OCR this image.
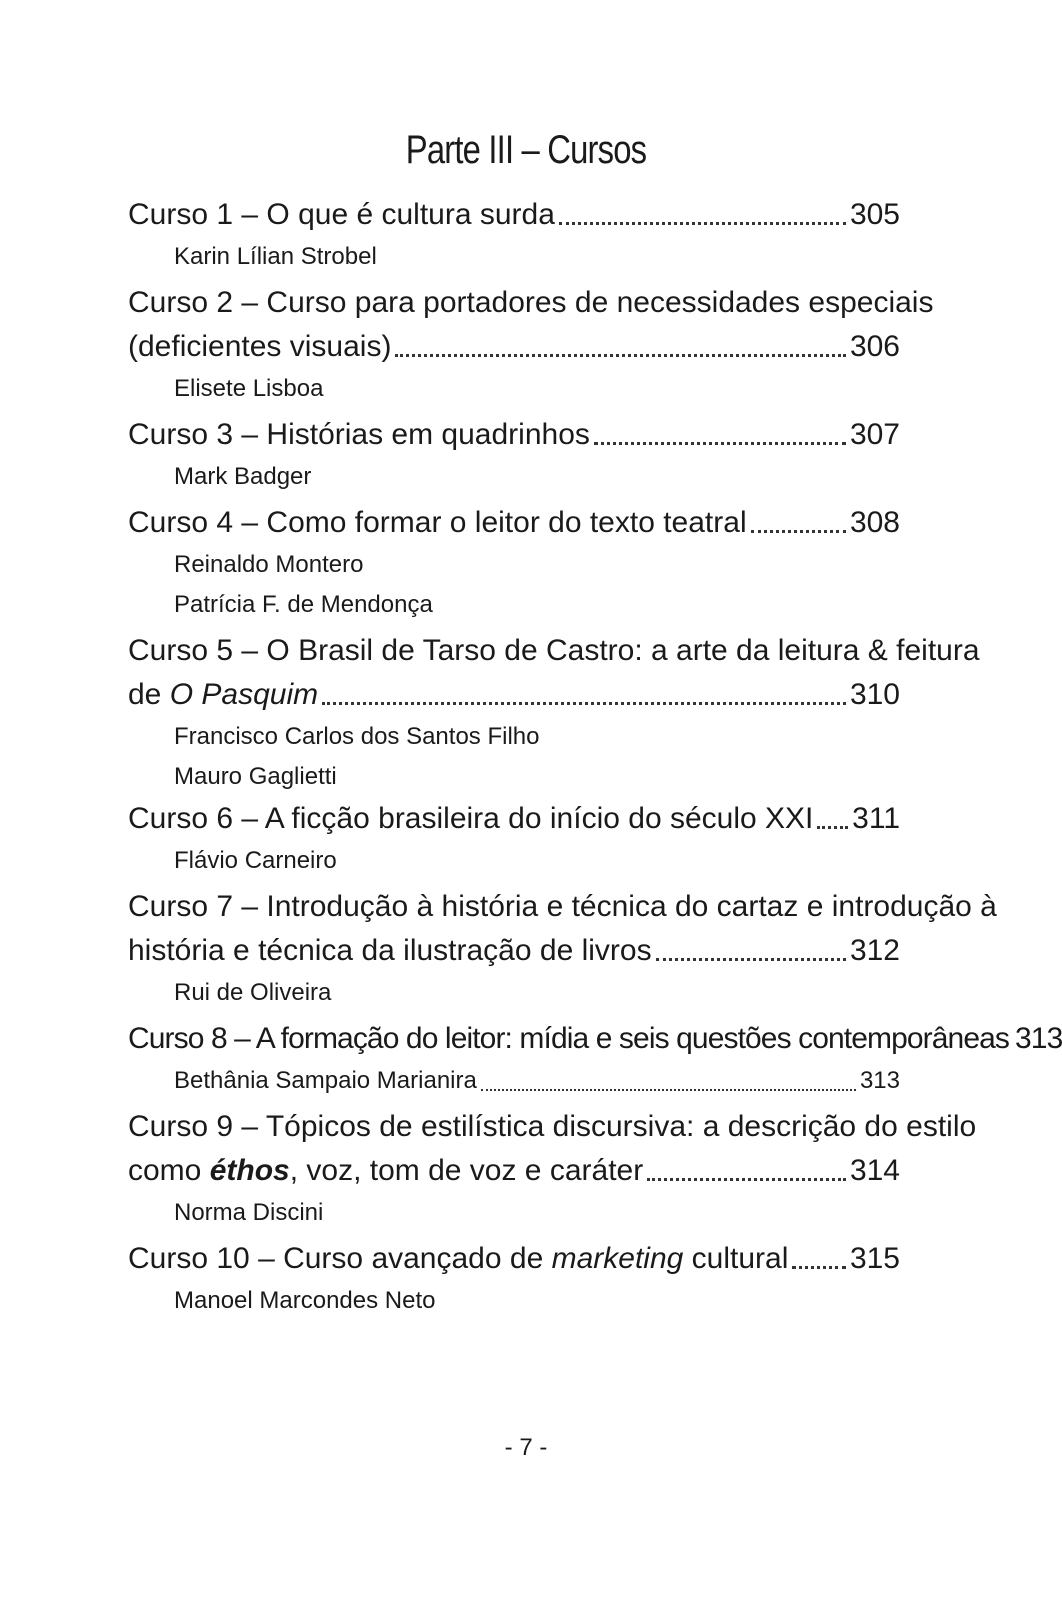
Parte III – Cursos
Curso 1 – O que é cultura surda	305
Karin Lílian Strobel
Curso 2 – Curso para portadores de necessidades especiais
(deficientes visuais)	306
Elisete Lisboa
Curso 3 – Histórias em quadrinhos	307
Mark Badger
Curso 4 – Como formar o leitor do texto teatral	308
Reinaldo Montero
Patrícia F. de Mendonça
Curso 5 – O Brasil de Tarso de Castro: a arte da leitura & feitura
de O Pasquim	310
Francisco Carlos dos Santos Filho
Mauro Gaglietti
Curso 6 – A ficção brasileira do início do século XXI 311
Flávio Carneiro
Curso 7 – Introdução à história e técnica do cartaz e introdução à
história e técnica da ilustração de livros	312
Rui de Oliveira
Curso 8 – A formação do leitor: mídia e seis questões contemporâneas 313
Bethânia Sampaio Marianira	313
Curso 9 – Tópicos de estilística discursiva: a descrição do estilo
como éthos, voz, tom de voz e caráter	314
Norma Discini
Curso 10 – Curso avançado de marketing cultural 315
Manoel Marcondes Neto
- 7 -
